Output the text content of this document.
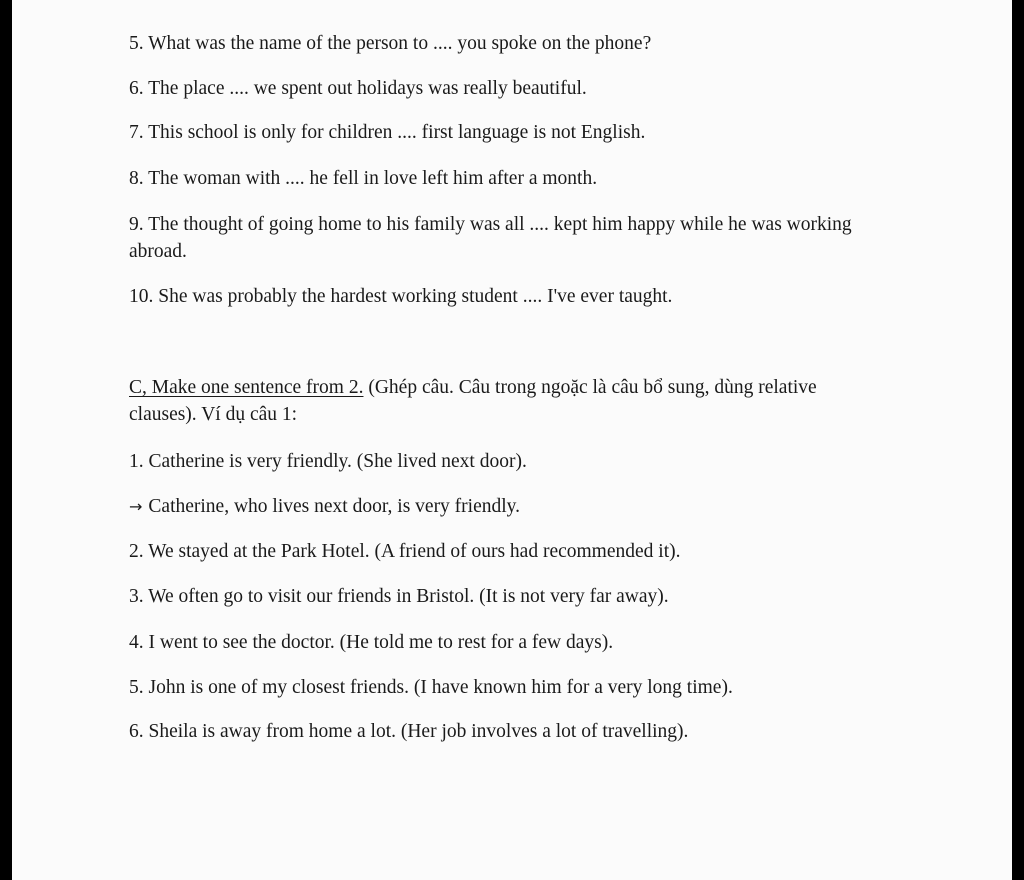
5. What was the name of the person to .... you spoke on the phone?
6. The place .... we spent out holidays was really beautiful.
7. This school is only for children .... first language is not English.
8. The woman with .... he fell in love left him after a month.
9. The thought of going home to his family was all .... kept him happy while he was working
abroad.
10. She was probably the hardest working student .... I've ever taught.
C, Make one sentence from 2. (Ghép câu. Câu trong ngoặc là câu bổ sung, dùng relative
clauses). Ví dụ câu 1:
1. Catherine is very friendly. (She lived next door).
→ Catherine, who lives next door, is very friendly.
2. We stayed at the Park Hotel. (A friend of ours had recommended it).
3. We often go to visit our friends in Bristol. (It is not very far away).
4. I went to see the doctor. (He told me to rest for a few days).
5. John is one of my closest friends. (I have known him for a very long time).
6. Sheila is away from home a lot. (Her job involves a lot of travelling).
